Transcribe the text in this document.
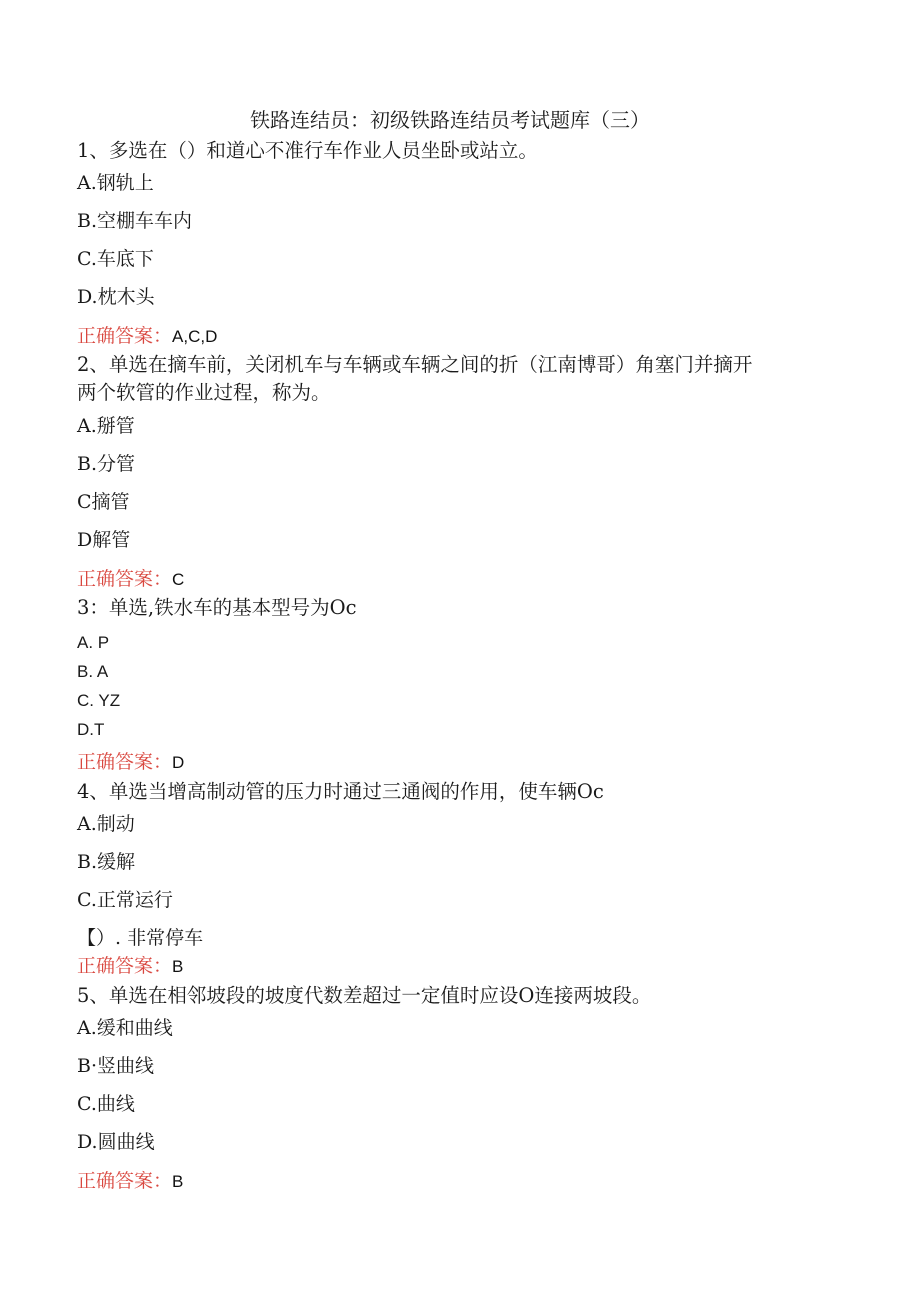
铁路连结员：初级铁路连结员考试题库（三）
1、多选在（）和道心不准行车作业人员坐卧或站立。
A.钢轨上
B.空棚车车内
C.车底下
D.枕木头
正确答案：A,C,D
2、单选在摘车前，关闭机车与车辆或车辆之间的折（江南博哥）角塞门并摘开
两个软管的作业过程，称为。
A.掰管
B.分管
C摘管
D解管
正确答案：C
3：单选,铁水车的基本型号为Oc
A. P
B. A
C. YZ
D.T
正确答案：D
4、单选当增高制动管的压力时通过三通阀的作用，使车辆Oc
A.制动
B.缓解
C.正常运行
【）. 非常停车
正确答案：B
5、单选在相邻坡段的坡度代数差超过一定值时应设O连接两坡段。
A.缓和曲线
B·竖曲线
C.曲线
D.圆曲线
正确答案：B
